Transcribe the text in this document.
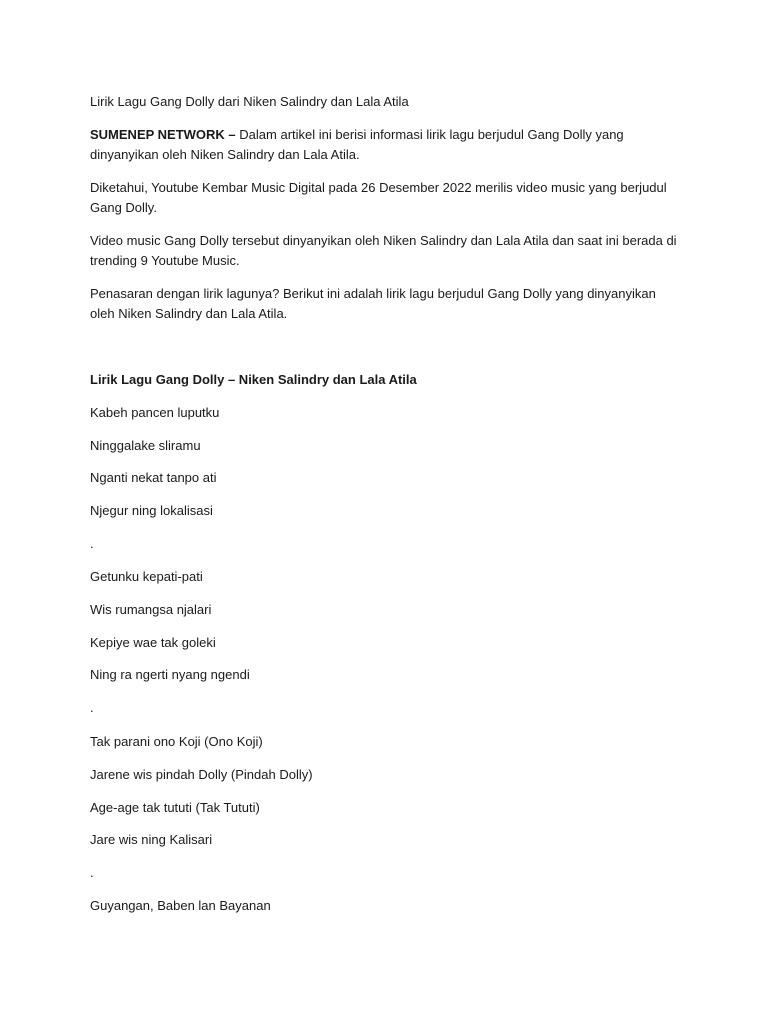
Lirik Lagu Gang Dolly dari Niken Salindry dan Lala Atila

SUMENEP NETWORK – Dalam artikel ini berisi informasi lirik lagu berjudul Gang Dolly yang dinyanyikan oleh Niken Salindry dan Lala Atila.

Diketahui, Youtube Kembar Music Digital pada 26 Desember 2022 merilis video music yang berjudul Gang Dolly.

Video music Gang Dolly tersebut dinyanyikan oleh Niken Salindry dan Lala Atila dan saat ini berada di trending 9 Youtube Music.

Penasaran dengan lirik lagunya? Berikut ini adalah lirik lagu berjudul Gang Dolly yang dinyanyikan oleh Niken Salindry dan Lala Atila.

Lirik Lagu Gang Dolly – Niken Salindry dan Lala Atila

Kabeh pancen luputku

Ninggalake sliramu

Nganti nekat tanpo ati

Njegur ning lokalisasi

.

Getunku kepati-pati

Wis rumangsa njalari

Kepiye wae tak goleki

Ning ra ngerti nyang ngendi

.

Tak parani ono Koji (Ono Koji)

Jarene wis pindah Dolly (Pindah Dolly)

Age-age tak tututi (Tak Tututi)

Jare wis ning Kalisari

.

Guyangan, Baben lan Bayanan
